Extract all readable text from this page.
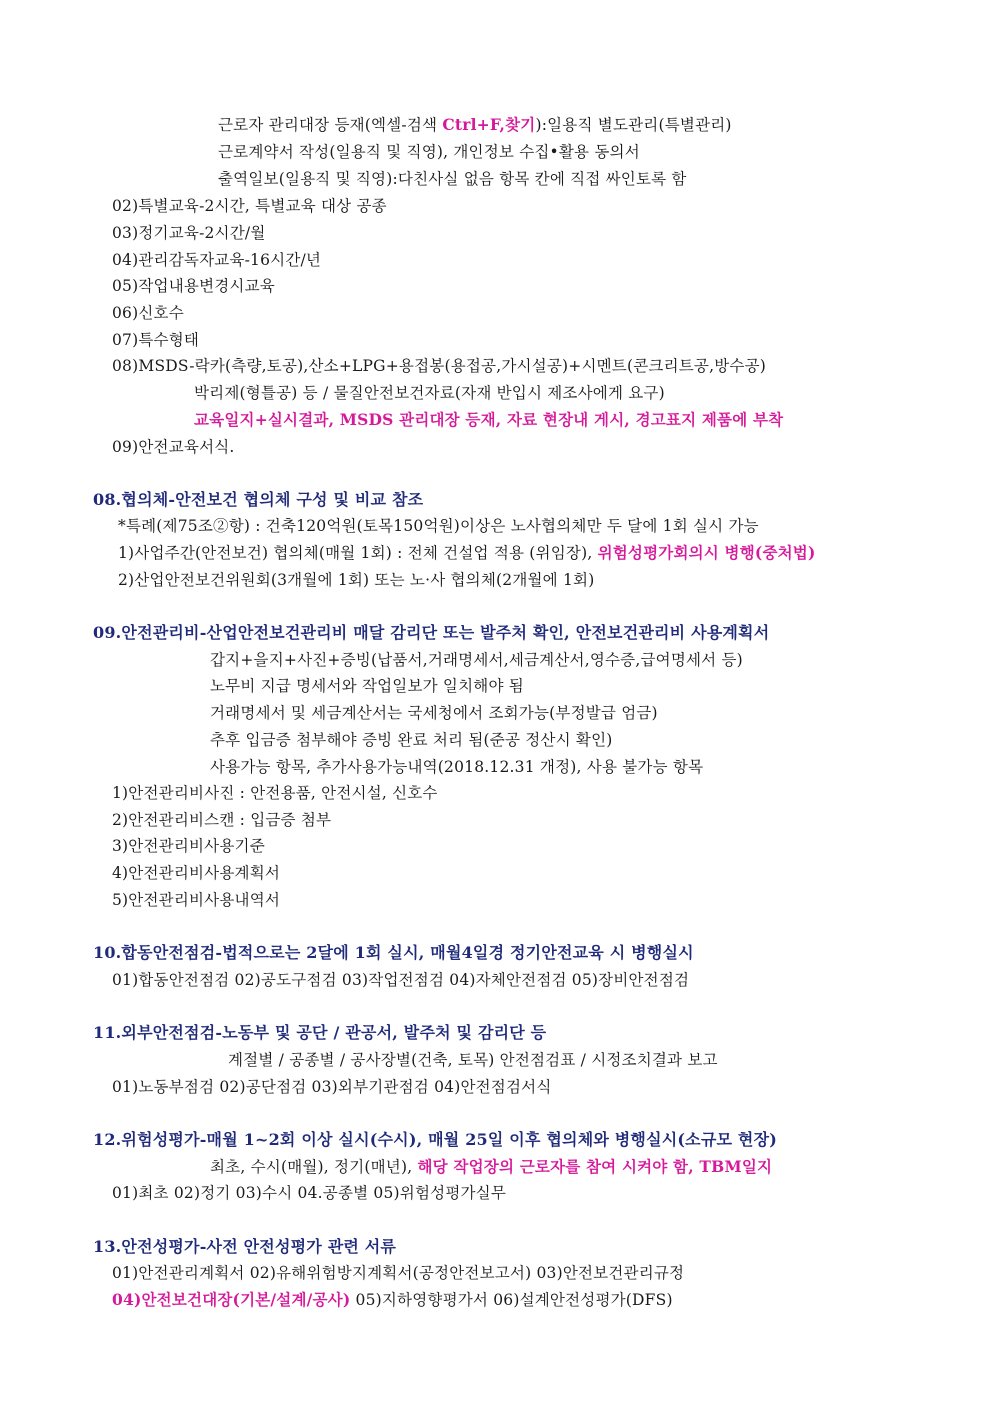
근로자 관리대장 등재(엑셀-검색 Ctrl+F,찾기):일용직 별도관리(특별관리)
근로계약서 작성(일용직 및 직영), 개인정보 수집•활용 동의서
출역일보(일용직 및 직영):다친사실 없음 항목 칸에 직접 싸인토록 함
02)특별교육-2시간, 특별교육 대상 공종
03)정기교육-2시간/월
04)관리감독자교육-16시간/년
05)작업내용변경시교육
06)신호수
07)특수형태
08)MSDS-락카(측량,토공),산소+LPG+용접봉(용접공,가시설공)+시멘트(콘크리트공,방수공)
박리제(형틀공) 등 / 물질안전보건자료(자재 반입시 제조사에게 요구)
교육일지+실시결과, MSDS 관리대장 등재, 자료 현장내 게시, 경고표지 제품에 부착
09)안전교육서식.
08.협의체-안전보건 협의체 구성 및 비교 참조
*특례(제75조②항) : 건축120억원(토목150억원)이상은 노사협의체만 두 달에 1회 실시 가능
1)사업주간(안전보건) 협의체(매월 1회) : 전체 건설업 적용 (위임장), 위험성평가회의시 병행(중처법)
2)산업안전보건위원회(3개월에 1회) 또는 노·사 협의체(2개월에 1회)
09.안전관리비-산업안전보건관리비 매달 감리단 또는 발주처 확인, 안전보건관리비 사용계획서
갑지+을지+사진+증빙(납품서,거래명세서,세금계산서,영수증,급여명세서 등)
노무비 지급 명세서와 작업일보가 일치해야 됨
거래명세서 및 세금계산서는 국세청에서 조회가능(부정발급 엄금)
추후 입금증 첨부해야 증빙 완료 처리 됨(준공 정산시 확인)
사용가능 항목, 추가사용가능내역(2018.12.31 개정), 사용 불가능 항목
1)안전관리비사진 : 안전용품, 안전시설, 신호수
2)안전관리비스캔 : 입금증 첨부
3)안전관리비사용기준
4)안전관리비사용계획서
5)안전관리비사용내역서
10.합동안전점검-법적으로는 2달에 1회 실시, 매월4일경 정기안전교육 시 병행실시
01)합동안전점검 02)공도구점검 03)작업전점검 04)자체안전점검 05)장비안전점검
11.외부안전점검-노동부 및 공단 / 관공서, 발주처 및 감리단 등
계절별 / 공종별 / 공사장별(건축, 토목) 안전점검표 / 시정조치결과 보고
01)노동부점검 02)공단점검 03)외부기관점검 04)안전점검서식
12.위험성평가-매월 1~2회 이상 실시(수시), 매월 25일 이후 협의체와 병행실시(소규모 현장)
최초, 수시(매월), 정기(매년), 해당 작업장의 근로자를 참여 시켜야 함, TBM일지
01)최초 02)정기 03)수시 04.공종별 05)위험성평가실무
13.안전성평가-사전 안전성평가 관련 서류
01)안전관리계획서 02)유해위험방지계획서(공정안전보고서) 03)안전보건관리규정
04)안전보건대장(기본/설계/공사) 05)지하영향평가서 06)설계안전성평가(DFS)
